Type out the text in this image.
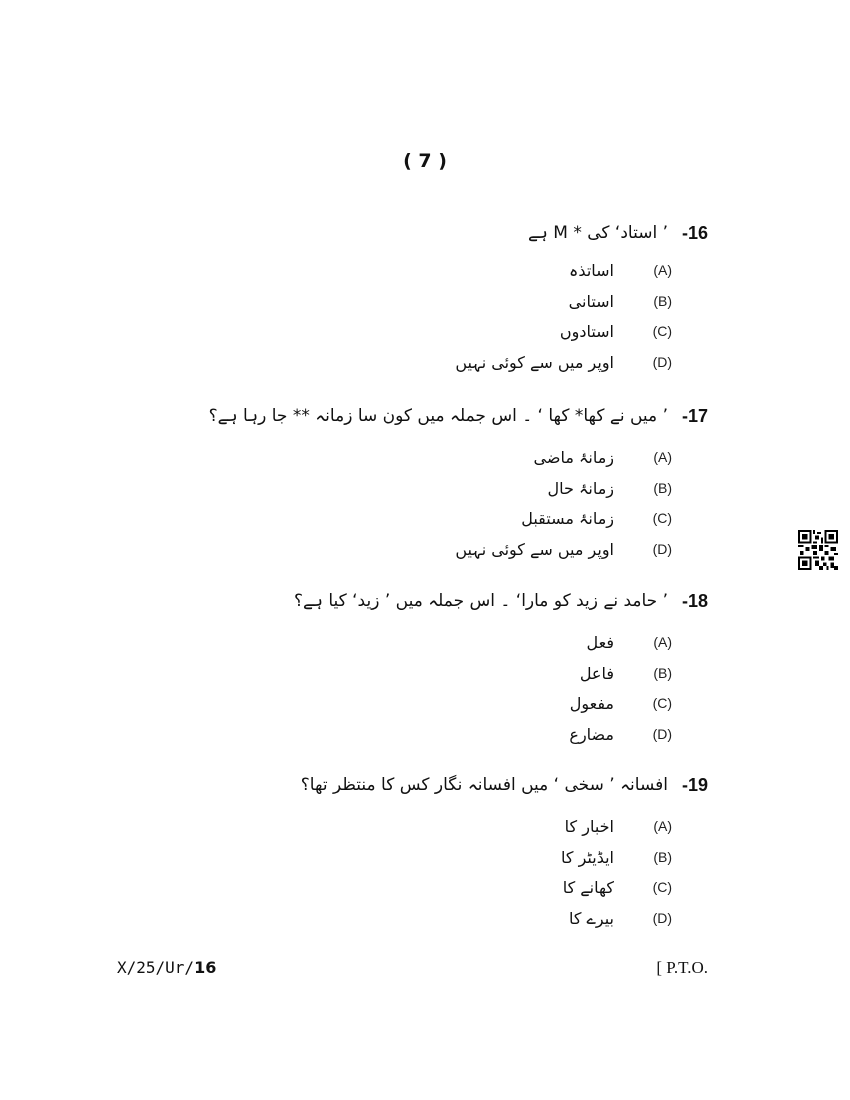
( 7 )
-16
’ استاد‘ کی * M ہے
(A)
اساتذہ
(B)
استانی
(C)
استادوں
(D)
اوپر میں سے کوئی نہیں
-17
’ میں نے کھا* کھا ‘ ۔ اس جملہ میں کون سا زمانہ ** جا رہا ہے؟
(A)
زمانۂ ماضی
(B)
زمانۂ حال
(C)
زمانۂ مستقبل
(D)
اوپر میں سے کوئی نہیں
-18
’ حامد نے زید کو مارا‘ ۔ اس جملہ میں ’ زید‘ کیا ہے؟
(A)
فعل
(B)
فاعل
(C)
مفعول
(D)
مضارع
-19
افسانہ ’ سخی ‘ میں افسانہ نگار کس کا منتظر تھا؟
(A)
اخبار کا
(B)
ایڈیٹر کا
(C)
کھانے کا
(D)
بیرے کا
X/25/Ur/16	[ P.T.O.
